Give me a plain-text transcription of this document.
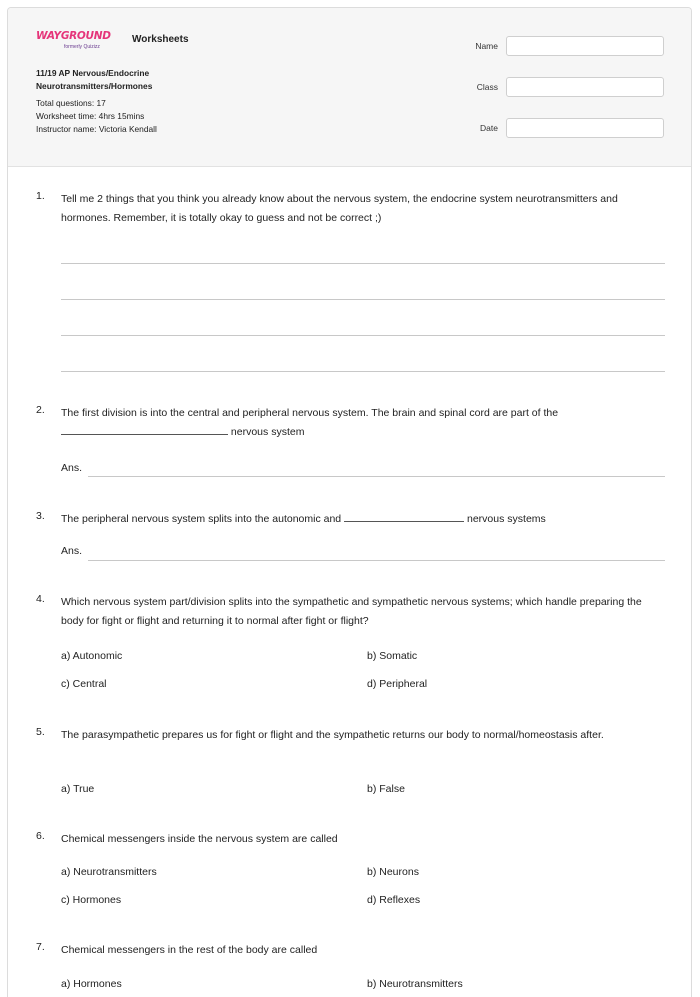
WAYGROUND
formerly Quizizz
Worksheets
11/19 AP Nervous/Endocrine
Neurotransmitters/Hormones
Total questions: 17
Worksheet time: 4hrs 15mins
Instructor name: Victoria Kendall
Name
Class
Date
1.	Tell me 2 things that you think you already know about the nervous system, the endocrine system neurotransmitters and hormones. Remember, it is totally okay to guess and not be correct ;)
2.	The first division is into the central and peripheral nervous system. The brain and spinal cord are part of the
nervous system
Ans.
3.	The peripheral nervous system splits into the autonomic and	nervous systems
Ans.
4.	Which nervous system part/division splits into the sympathetic and sympathetic nervous systems; which handle preparing the body for fight or flight and returning it to normal after fight or flight?
a) Autonomic	b) Somatic
c) Central	d) Peripheral
5.	The parasympathetic prepares us for fight or flight and the sympathetic returns our body to normal/homeostasis after.
a) True	b) False
6.	Chemical messengers inside the nervous system are called
a) Neurotransmitters	b) Neurons
c) Hormones	d) Reflexes
7.	Chemical messengers in the rest of the body are called
a) Hormones	b) Neurotransmitters
